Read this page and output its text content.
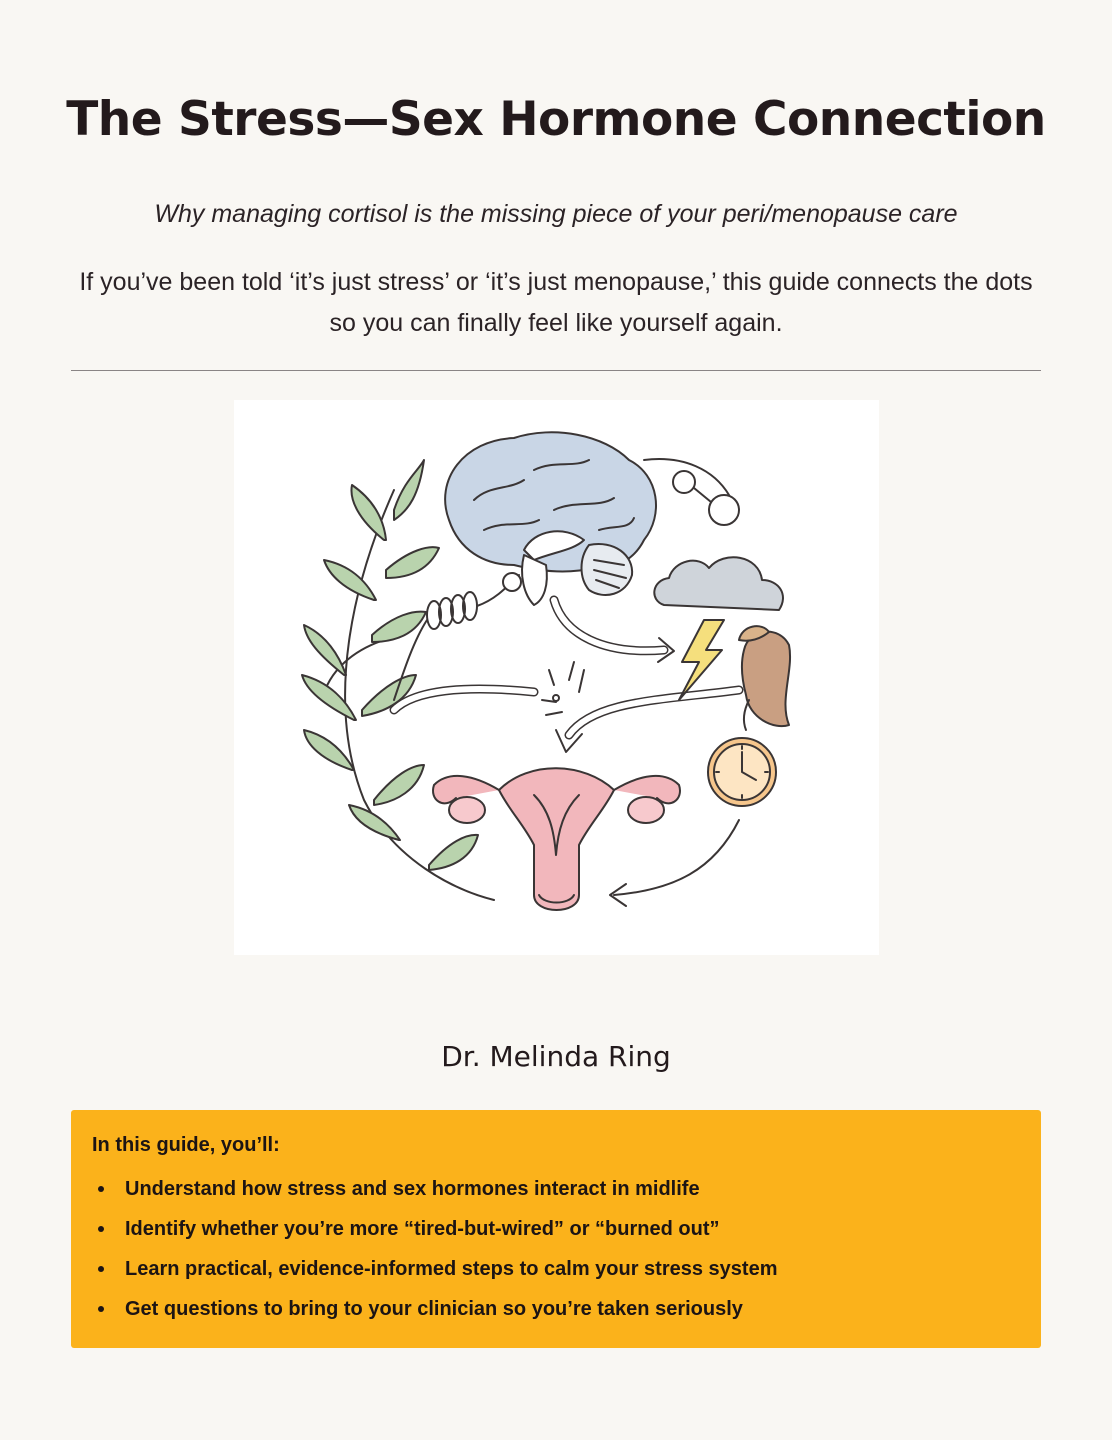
The Stress—Sex Hormone Connection

Why managing cortisol is the missing piece of your peri/menopause care

If you’ve been told ‘it’s just stress’ or ‘it’s just menopause,’ this guide connects the dots so you can finally feel like yourself again.

Dr. Melinda Ring

In this guide, you’ll:

Understand how stress and sex hormones interact in midlife
Identify whether you’re more “tired-but-wired” or “burned out”
Learn practical, evidence-informed steps to calm your stress system
Get questions to bring to your clinician so you’re taken seriously
